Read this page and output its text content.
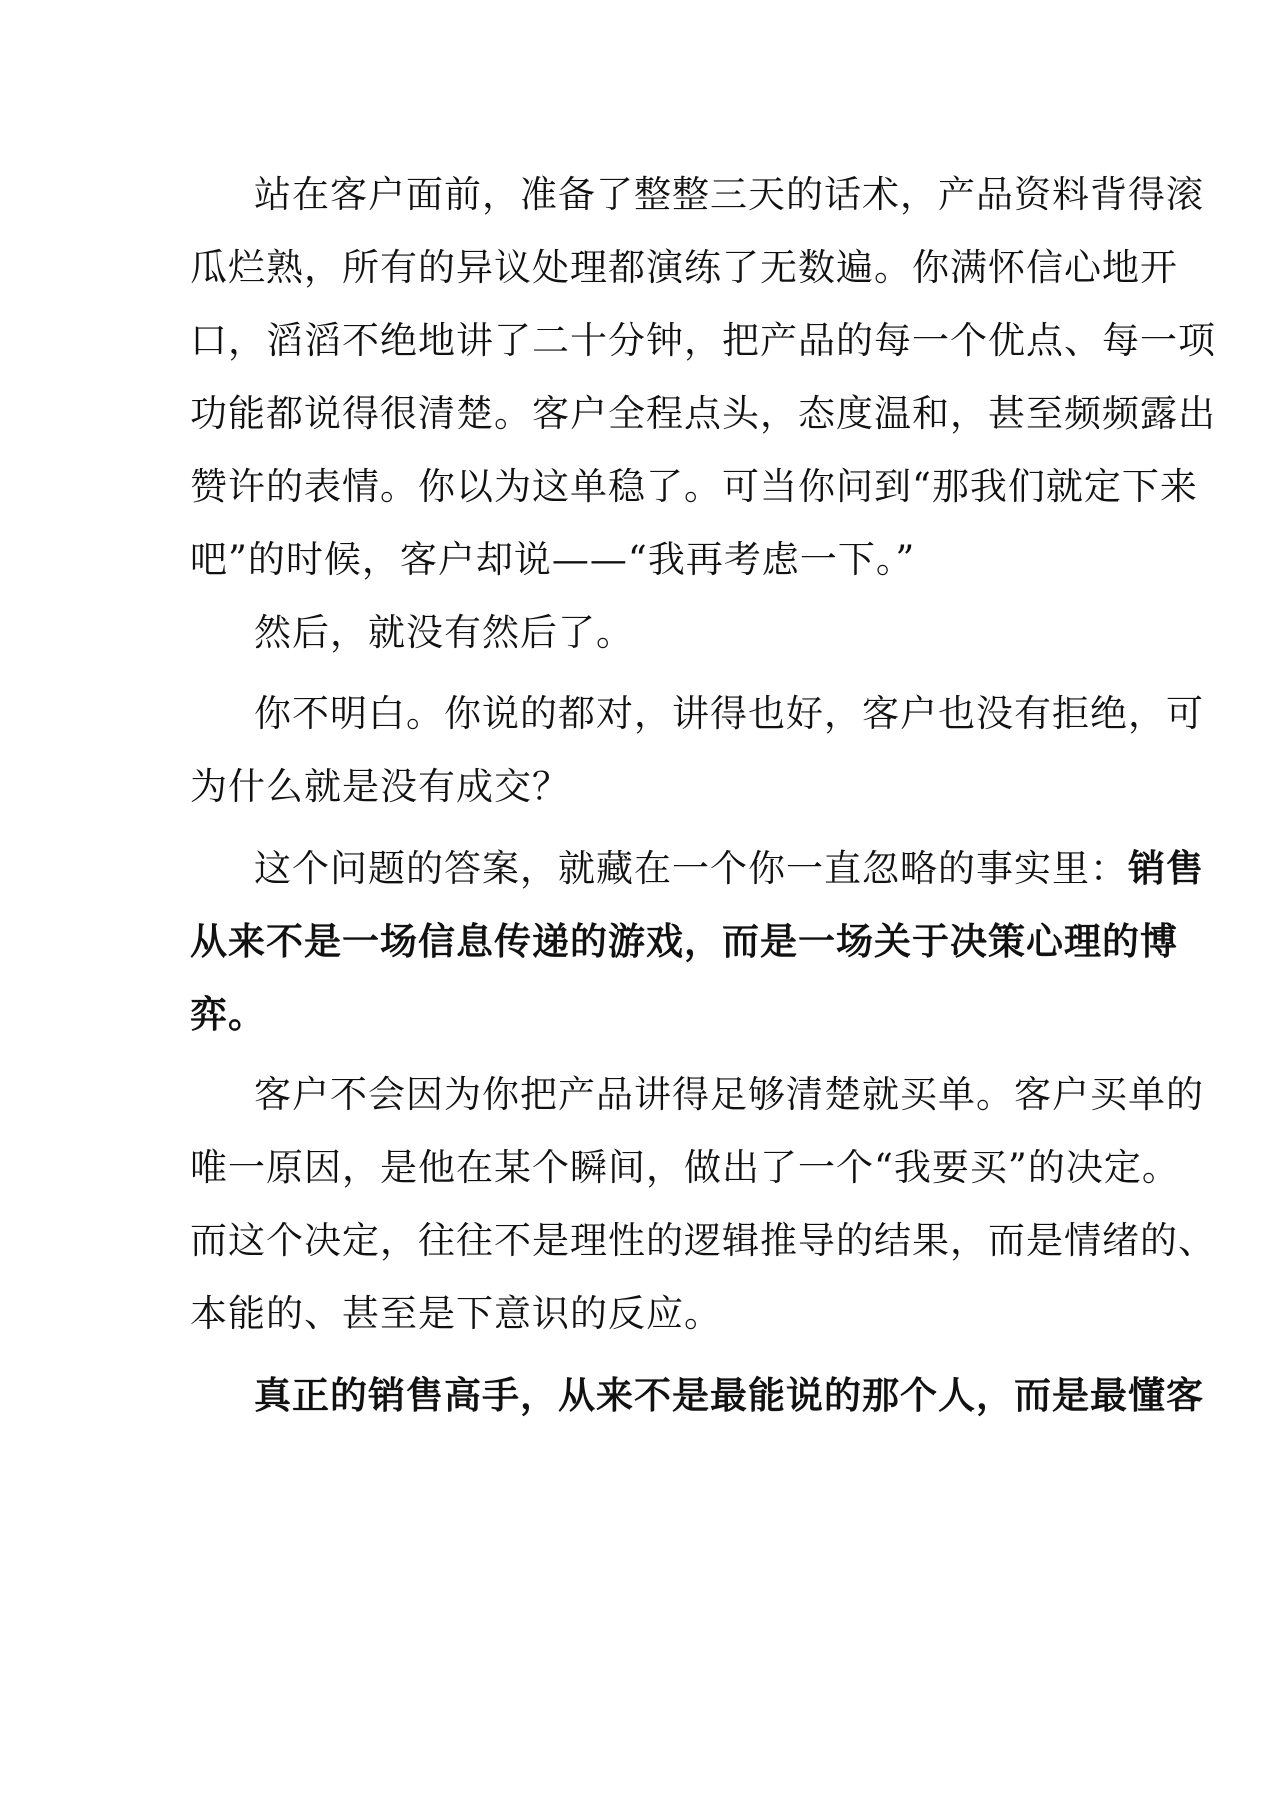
站在客户面前，准备了整整三天的话术，产品资料背得滚
瓜烂熟，所有的异议处理都演练了无数遍。你满怀信心地开
口，滔滔不绝地讲了二十分钟，把产品的每一个优点、每一项
功能都说得很清楚。客户全程点头，态度温和，甚至频频露出
赞许的表情。你以为这单稳了。可当你问到“那我们就定下来
吧”的时候，客户却说——“我再考虑一下。”
然后，就没有然后了。
你不明白。你说的都对，讲得也好，客户也没有拒绝，可
为什么就是没有成交？
这个问题的答案，就藏在一个你一直忽略的事实里：销售
从来不是一场信息传递的游戏，而是一场关于决策心理的博
弈。
客户不会因为你把产品讲得足够清楚就买单。客户买单的
唯一原因，是他在某个瞬间，做出了一个“我要买”的决定。
而这个决定，往往不是理性的逻辑推导的结果，而是情绪的、
本能的、甚至是下意识的反应。
真正的销售高手，从来不是最能说的那个人，而是最懂客
